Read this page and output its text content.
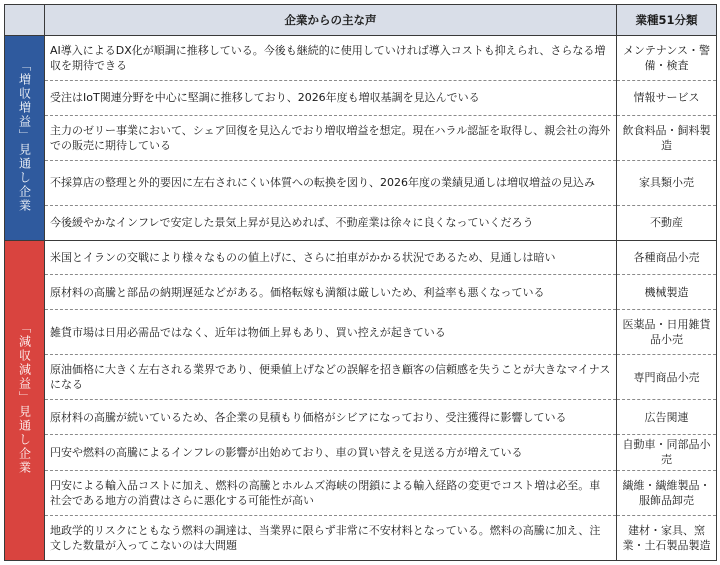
	企業からの主な声	業種51分類
「増収増益」見通し企業	AI導入によるDX化が順調に推移している。今後も継続的に使用していければ導入コストも抑えられ、さらなる増収を期待できる	メンテナンス・警備・検査
	受注はIoT関連分野を中心に堅調に推移しており、2026年度も増収基調を見込んでいる	情報サービス
	主力のゼリー事業において、シェア回復を見込んでおり増収増益を想定。現在ハラル認証を取得し、親会社の海外での販売に期待している	飲食料品・飼料製造
	不採算店の整理と外的要因に左右されにくい体質への転換を図り、2026年度の業績見通しは増収増益の見込み	家具類小売
	今後緩やかなインフレで安定した景気上昇が見込めれば、不動産業は徐々に良くなっていくだろう	不動産
「減収減益」見通し企業	米国とイランの交戦により様々なものの値上げに、さらに拍車がかかる状況であるため、見通しは暗い	各種商品小売
	原材料の高騰と部品の納期遅延などがある。価格転嫁も満額は厳しいため、利益率も悪くなっている	機械製造
	雑貨市場は日用必需品ではなく、近年は物価上昇もあり、買い控えが起きている	医薬品・日用雑貨品小売
	原油価格に大きく左右される業界であり、便乗値上げなどの誤解を招き顧客の信頼感を失うことが大きなマイナスになる	専門商品小売
	原材料の高騰が続いているため、各企業の見積もり価格がシビアになっており、受注獲得に影響している	広告関連
	円安や燃料の高騰によるインフレの影響が出始めており、車の買い替えを見送る方が増えている	自動車・同部品小売
	円安による輸入品コストに加え、燃料の高騰とホルムズ海峡の閉鎖による輸入経路の変更でコスト増は必至。車社会である地方の消費はさらに悪化する可能性が高い	繊維・繊維製品・服飾品卸売
	地政学的リスクにともなう燃料の調達は、当業界に限らず非常に不安材料となっている。燃料の高騰に加え、注文した数量が入ってこないのは大問題	建材・家具、窯業・土石製品製造
